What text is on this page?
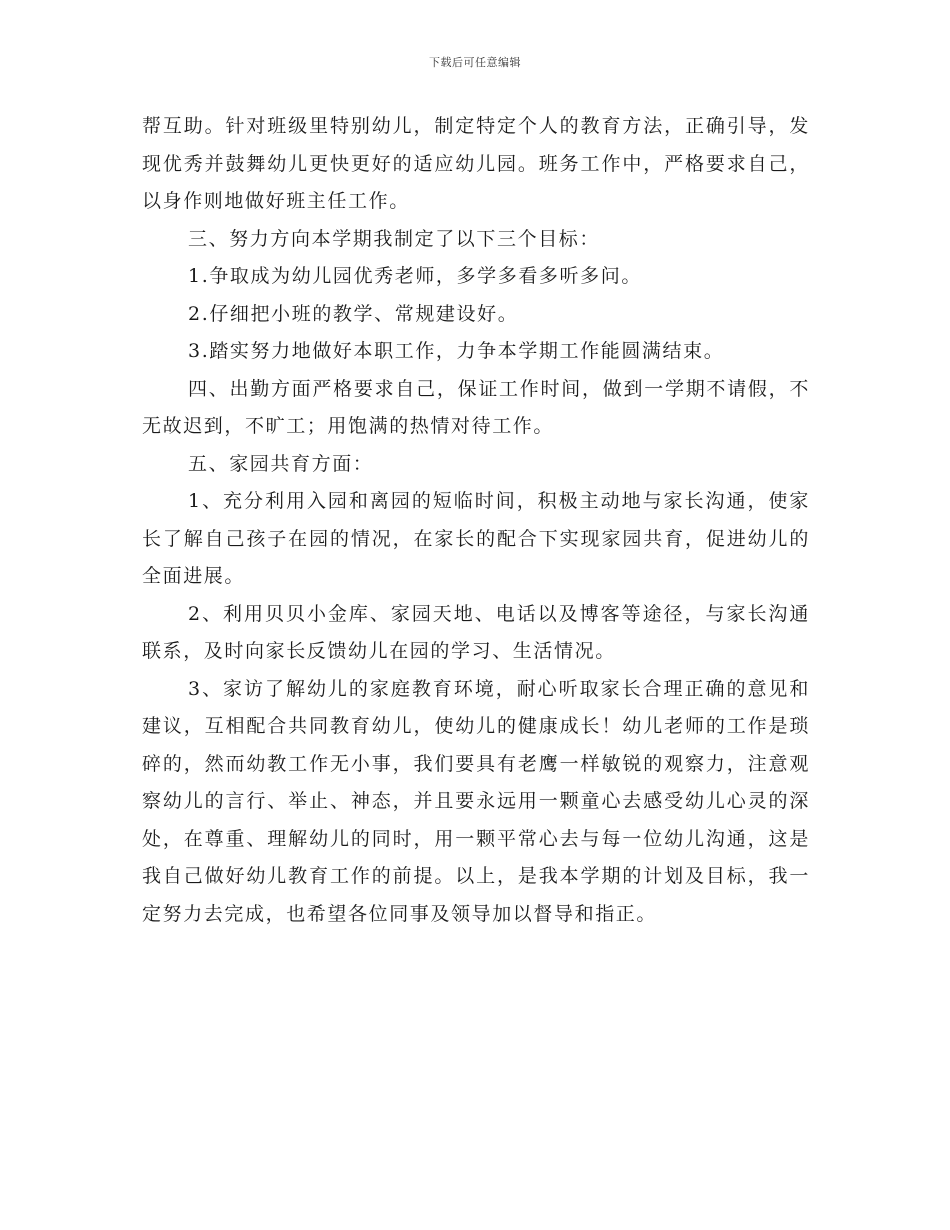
下载后可任意编辑

帮互助。针对班级里特别幼儿，制定特定个人的教育方法，正确引导，发现优秀并鼓舞幼儿更快更好的适应幼儿园。班务工作中，严格要求自己，以身作则地做好班主任工作。

三、努力方向本学期我制定了以下三个目标：

1.争取成为幼儿园优秀老师，多学多看多听多问。

2.仔细把小班的教学、常规建设好。

3.踏实努力地做好本职工作，力争本学期工作能圆满结束。

四、出勤方面严格要求自己，保证工作时间，做到一学期不请假，不无故迟到，不旷工；用饱满的热情对待工作。

五、家园共育方面：

1、充分利用入园和离园的短临时间，积极主动地与家长沟通，使家长了解自己孩子在园的情况，在家长的配合下实现家园共育，促进幼儿的全面进展。

2、利用贝贝小金库、家园天地、电话以及博客等途径，与家长沟通联系，及时向家长反馈幼儿在园的学习、生活情况。

3、家访了解幼儿的家庭教育环境，耐心听取家长合理正确的意见和建议，互相配合共同教育幼儿，使幼儿的健康成长！幼儿老师的工作是琐碎的，然而幼教工作无小事，我们要具有老鹰一样敏锐的观察力，注意观察幼儿的言行、举止、神态，并且要永远用一颗童心去感受幼儿心灵的深处，在尊重、理解幼儿的同时，用一颗平常心去与每一位幼儿沟通，这是我自己做好幼儿教育工作的前提。以上，是我本学期的计划及目标，我一定努力去完成，也希望各位同事及领导加以督导和指正。
